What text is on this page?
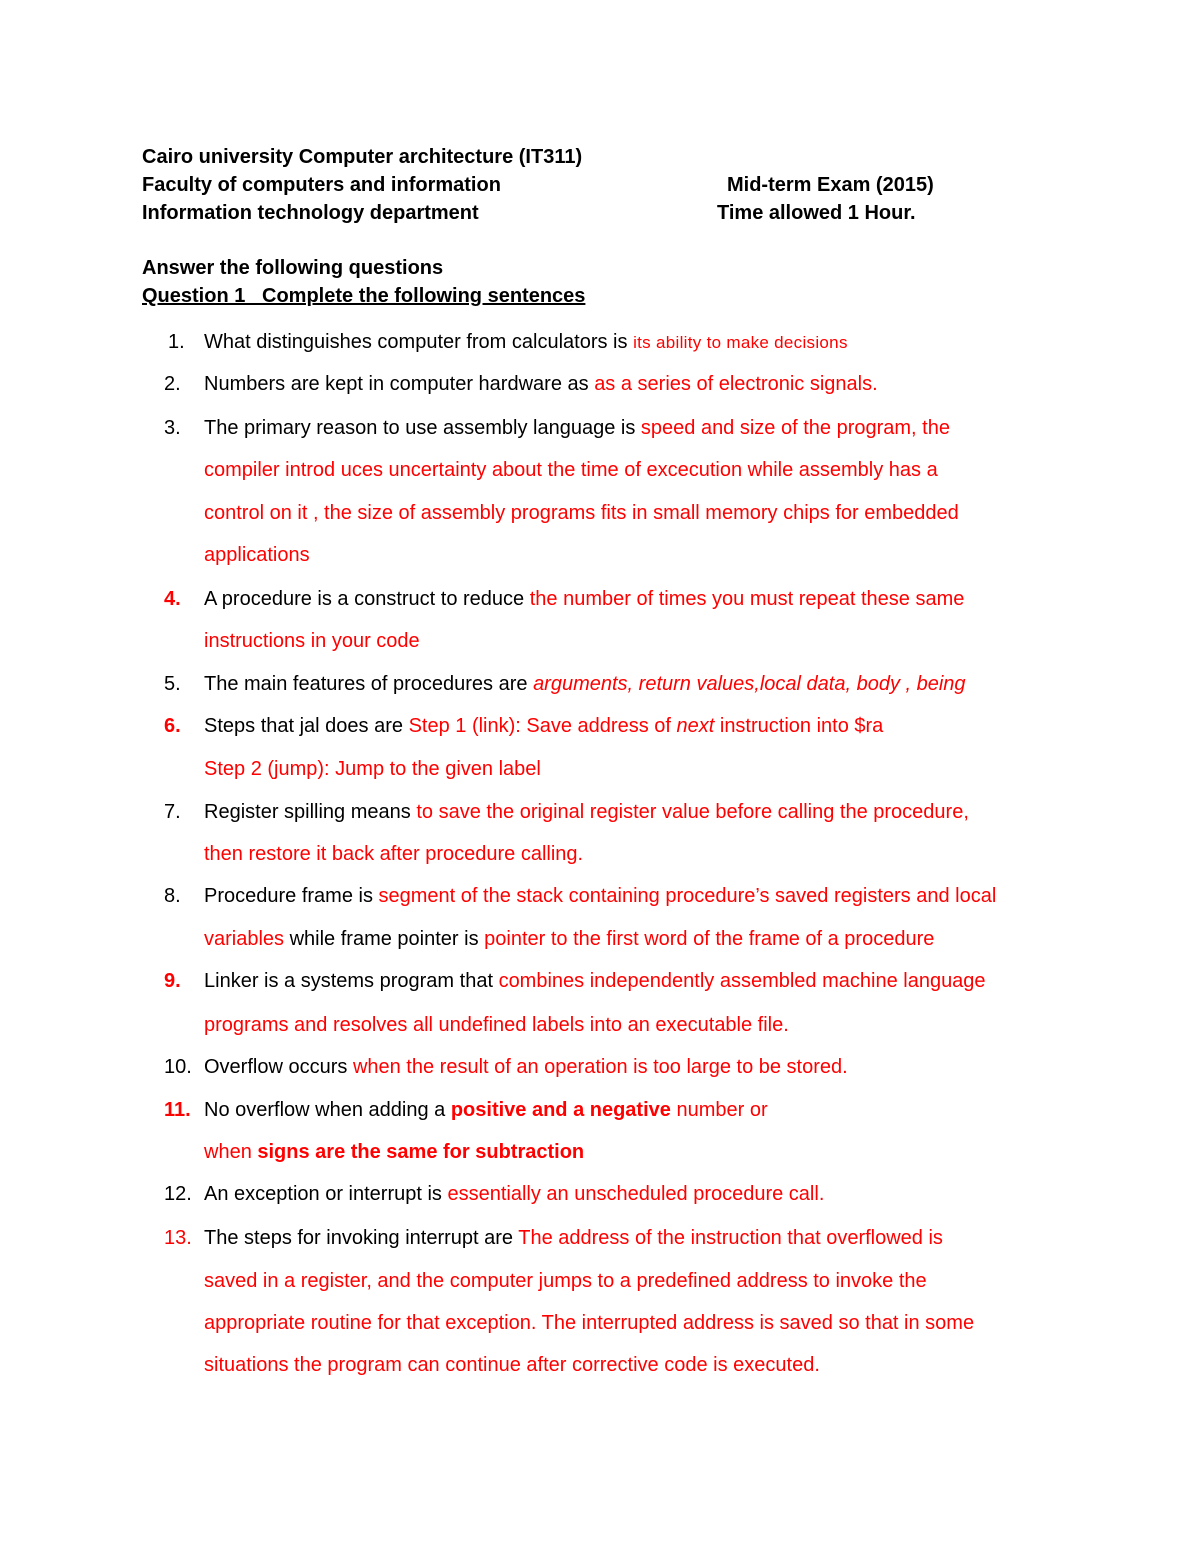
Cairo university Computer architecture (IT311)
Faculty of computers and information	Mid-term Exam (2015)
Information technology department	Time allowed 1 Hour.
Answer the following questions
Question 1   Complete the following sentences
1. What distinguishes computer from calculators is its ability to make decisions
2.	Numbers are kept in computer hardware as as a series of electronic signals.
3.	The primary reason to use assembly language is speed and size of the program, the
compiler introd uces uncertainty about the time of excecution while assembly has a
control on it , the size of assembly programs fits in small memory chips for embedded
applications
4.	A procedure is a construct to reduce the number of times you must repeat these same
instructions in your code
5.	The main features of procedures are arguments, return values,local data, body , being
6.	Steps that jal does are Step 1 (link): Save address of next instruction into $ra
Step 2 (jump): Jump to the given label
7.	Register spilling means to save the original register value before calling the procedure,
then restore it back after procedure calling.
8.	Procedure frame is segment of the stack containing procedure’s saved registers and local
variables while frame pointer is pointer to the first word of the frame of a procedure
9.	Linker is a systems program that combines independently assembled machine language
programs and resolves all undefined labels into an executable file.
10. Overflow occurs when the result of an operation is too large to be stored.
11. No overflow when adding a positive and a negative number or
when signs are the same for subtraction
12. An exception or interrupt is essentially an unscheduled procedure call.
13. The steps for invoking interrupt are The address of the instruction that overflowed is
saved in a register, and the computer jumps to a predefined address to invoke the
appropriate routine for that exception. The interrupted address is saved so that in some
situations the program can continue after corrective code is executed.
